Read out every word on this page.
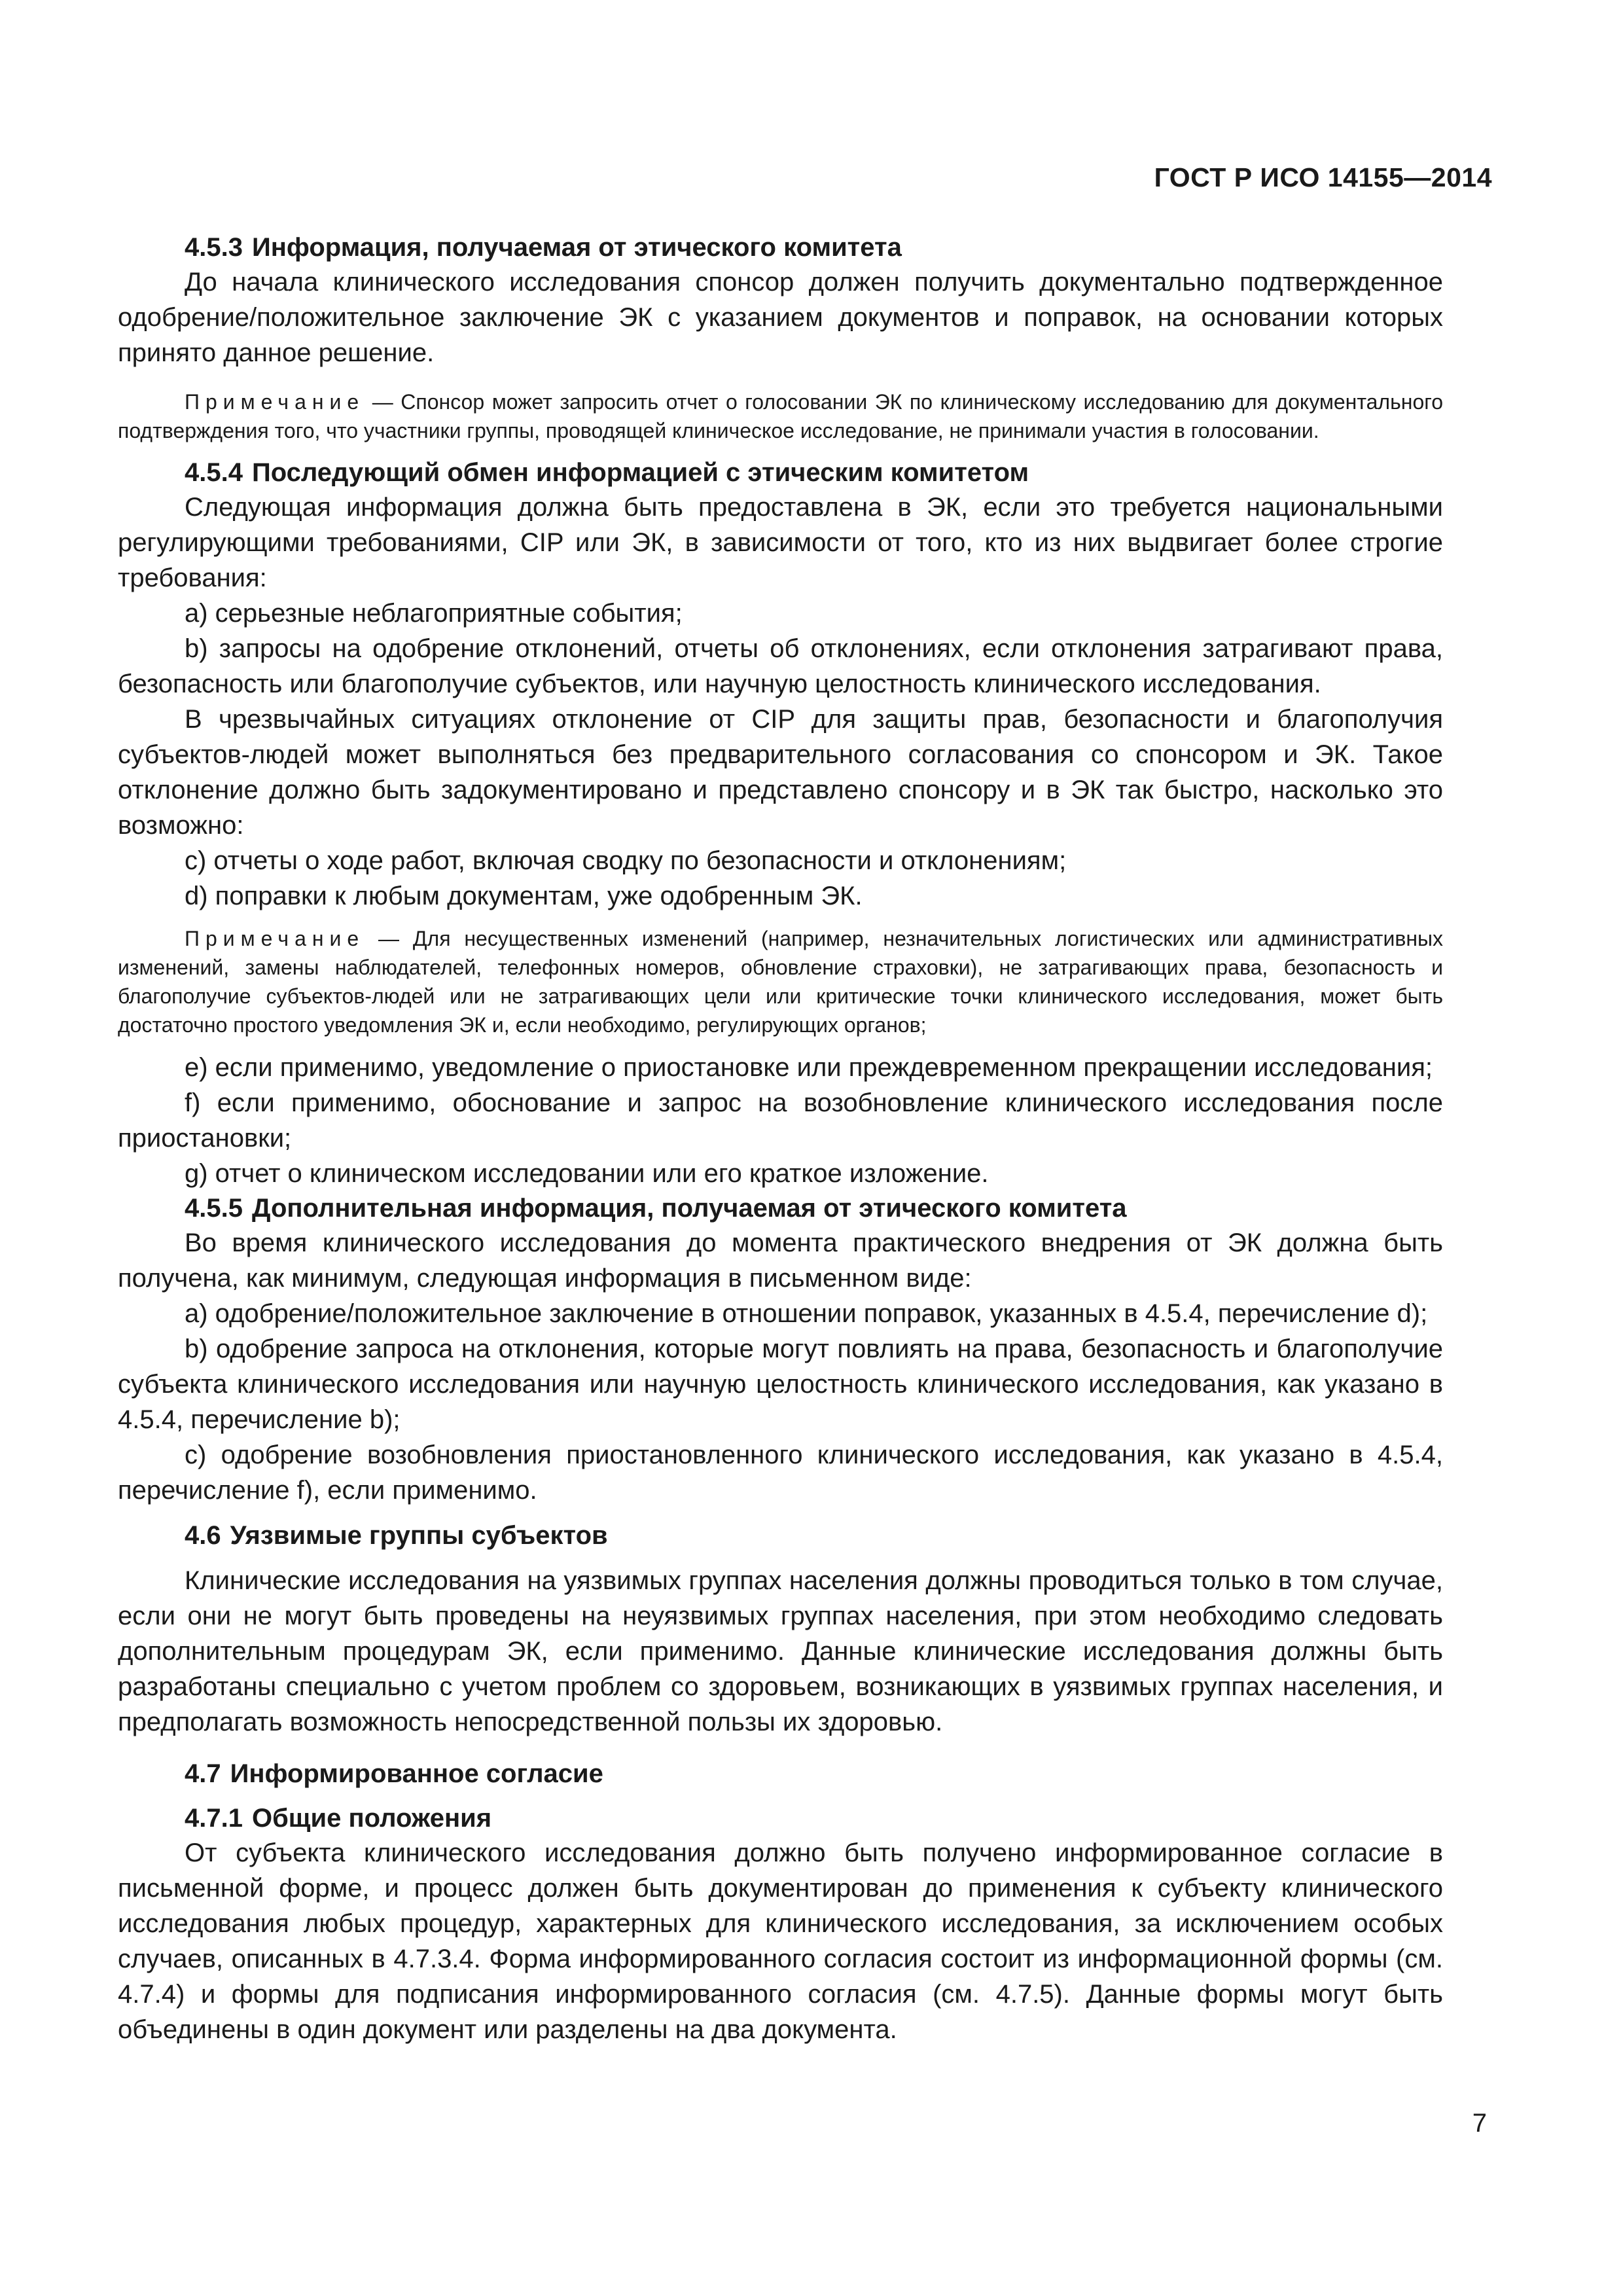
ГОСТ Р ИСО 14155—2014
4.5.3 Информация, получаемая от этического комитета

До начала клинического исследования спонсор должен получить документально подтвержденное одобрение/положительное заключение ЭК с указанием документов и поправок, на основании которых принято данное решение.

Примечание — Спонсор может запросить отчет о голосовании ЭК по клиническому исследованию для документального подтверждения того, что участники группы, проводящей клиническое исследование, не принимали участия в голосовании.

4.5.4 Последующий обмен информацией с этическим комитетом

Следующая информация должна быть предоставлена в ЭК, если это требуется национальными регулирующими требованиями, CIP или ЭК, в зависимости от того, кто из них выдвигает более строгие требования:

a) серьезные неблагоприятные события;

b) запросы на одобрение отклонений, отчеты об отклонениях, если отклонения затрагивают права, безопасность или благополучие субъектов, или научную целостность клинического исследования.

В чрезвычайных ситуациях отклонение от CIP для защиты прав, безопасности и благополучия субъектов-людей может выполняться без предварительного согласования со спонсором и ЭК. Такое отклонение должно быть задокументировано и представлено спонсору и в ЭК так быстро, насколько это возможно:

c) отчеты о ходе работ, включая сводку по безопасности и отклонениям;

d) поправки к любым документам, уже одобренным ЭК.

Примечание — Для несущественных изменений (например, незначительных логистических или административных изменений, замены наблюдателей, телефонных номеров, обновление страховки), не затрагивающих права, безопасность и благополучие субъектов-людей или не затрагивающих цели или критические точки клинического исследования, может быть достаточно простого уведомления ЭК и, если необходимо, регулирующих органов;

e) если применимо, уведомление о приостановке или преждевременном прекращении исследования;

f) если применимо, обоснование и запрос на возобновление клинического исследования после приостановки;

g) отчет о клиническом исследовании или его краткое изложение.

4.5.5 Дополнительная информация, получаемая от этического комитета

Во время клинического исследования до момента практического внедрения от ЭК должна быть получена, как минимум, следующая информация в письменном виде:

a) одобрение/положительное заключение в отношении поправок, указанных в 4.5.4, перечисление d);

b) одобрение запроса на отклонения, которые могут повлиять на права, безопасность и благополучие субъекта клинического исследования или научную целостность клинического исследования, как указано в 4.5.4, перечисление b);

c) одобрение возобновления приостановленного клинического исследования, как указано в 4.5.4, перечисление f), если применимо.

4.6 Уязвимые группы субъектов

Клинические исследования на уязвимых группах населения должны проводиться только в том случае, если они не могут быть проведены на неуязвимых группах населения, при этом необходимо следовать дополнительным процедурам ЭК, если применимо. Данные клинические исследования должны быть разработаны специально с учетом проблем со здоровьем, возникающих в уязвимых группах населения, и предполагать возможность непосредственной пользы их здоровью.

4.7 Информированное согласие
4.7.1 Общие положения

От субъекта клинического исследования должно быть получено информированное согласие в письменной форме, и процесс должен быть документирован до применения к субъекту клинического исследования любых процедур, характерных для клинического исследования, за исключением особых случаев, описанных в 4.7.3.4. Форма информированного согласия состоит из информационной формы (см. 4.7.4) и формы для подписания информированного согласия (см. 4.7.5). Данные формы могут быть объединены в один документ или разделены на два документа.

7
